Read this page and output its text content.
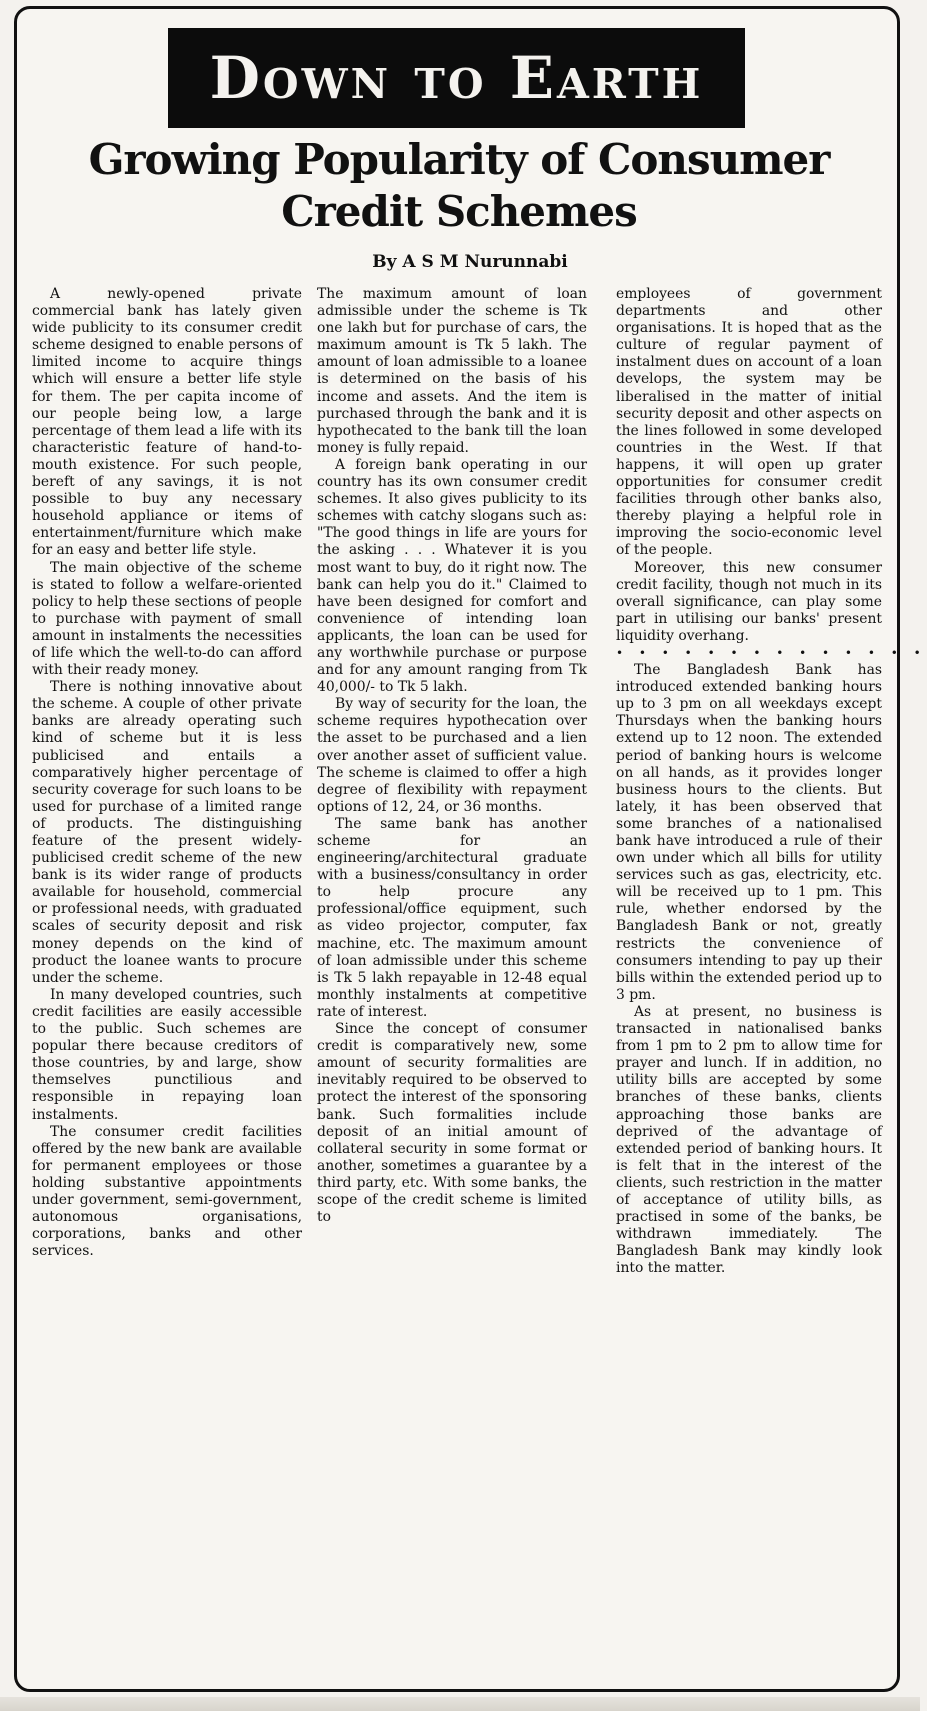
Down to Earth
Growing Popularity of Consumer Credit Schemes
By A S M Nurunnabi

A newly-opened private commercial bank has lately given wide publicity to its consumer credit scheme designed to enable persons of limited income to acquire things which will ensure a better life style for them. The per capita income of our people being low, a large percentage of them lead a life with its characteristic feature of hand-to-mouth existence. For such people, bereft of any savings, it is not possible to buy any necessary household appliance or items of entertainment/furniture which make for an easy and better life style.

The main objective of the scheme is stated to follow a welfare-oriented policy to help these sections of people to purchase with payment of small amount in instalments the necessities of life which the well-to-do can afford with their ready money.

There is nothing innovative about the scheme. A couple of other private banks are already operating such kind of scheme but it is less publicised and entails a comparatively higher percentage of security coverage for such loans to be used for purchase of a limited range of products. The distinguishing feature of the present widely-publicised credit scheme of the new bank is its wider range of products available for household, commercial or professional needs, with graduated scales of security deposit and risk money depends on the kind of product the loanee wants to procure under the scheme.

In many developed countries, such credit facilities are easily accessible to the public. Such schemes are popular there because creditors of those countries, by and large, show themselves punctilious and responsible in repaying loan instalments.

The consumer credit facilities offered by the new bank are available for permanent employees or those holding substantive appointments under government, semi-government, autonomous organisations, corporations, banks and other services.

The maximum amount of loan admissible under the scheme is Tk one lakh but for purchase of cars, the maximum amount is Tk 5 lakh. The amount of loan admissible to a loanee is determined on the basis of his income and assets. And the item is purchased through the bank and it is hypothecated to the bank till the loan money is fully repaid.

A foreign bank operating in our country has its own consumer credit schemes. It also gives publicity to its schemes with catchy slogans such as: "The good things in life are yours for the asking . . . Whatever it is you most want to buy, do it right now. The bank can help you do it." Claimed to have been designed for comfort and convenience of intending loan applicants, the loan can be used for any worthwhile purchase or purpose and for any amount ranging from Tk 40,000/- to Tk 5 lakh.

By way of security for the loan, the scheme requires hypothecation over the asset to be purchased and a lien over another asset of sufficient value. The scheme is claimed to offer a high degree of flexibility with repayment options of 12, 24, or 36 months.

The same bank has another scheme for an engineering/architectural graduate with a business/consultancy in order to help procure any professional/office equipment, such as video projector, computer, fax machine, etc. The maximum amount of loan admissible under this scheme is Tk 5 lakh repayable in 12-48 equal monthly instalments at competitive rate of interest.

Since the concept of consumer credit is comparatively new, some amount of security formalities are inevitably required to be observed to protect the interest of the sponsoring bank. Such formalities include deposit of an initial amount of collateral security in some format or another, sometimes a guarantee by a third party, etc. With some banks, the scope of the credit scheme is limited to

employees of government departments and other organisations. It is hoped that as the culture of regular payment of instalment dues on account of a loan develops, the system may be liberalised in the matter of initial security deposit and other aspects on the lines followed in some developed countries in the West. If that happens, it will open up grater opportunities for consumer credit facilities through other banks also, thereby playing a helpful role in improving the socio-economic level of the people.

Moreover, this new consumer credit facility, though not much in its overall significance, can play some part in utilising our banks' present liquidity overhang.

• • • • • • • • • • • • • •

The Bangladesh Bank has introduced extended banking hours up to 3 pm on all weekdays except Thursdays when the banking hours extend up to 12 noon. The extended period of banking hours is welcome on all hands, as it provides longer business hours to the clients. But lately, it has been observed that some branches of a nationalised bank have introduced a rule of their own under which all bills for utility services such as gas, electricity, etc. will be received up to 1 pm. This rule, whether endorsed by the Bangladesh Bank or not, greatly restricts the convenience of consumers intending to pay up their bills within the extended period up to 3 pm.

As at present, no business is transacted in nationalised banks from 1 pm to 2 pm to allow time for prayer and lunch. If in addition, no utility bills are accepted by some branches of these banks, clients approaching those banks are deprived of the advantage of extended period of banking hours. It is felt that in the interest of the clients, such restriction in the matter of acceptance of utility bills, as practised in some of the banks, be withdrawn immediately. The Bangladesh Bank may kindly look into the matter.
